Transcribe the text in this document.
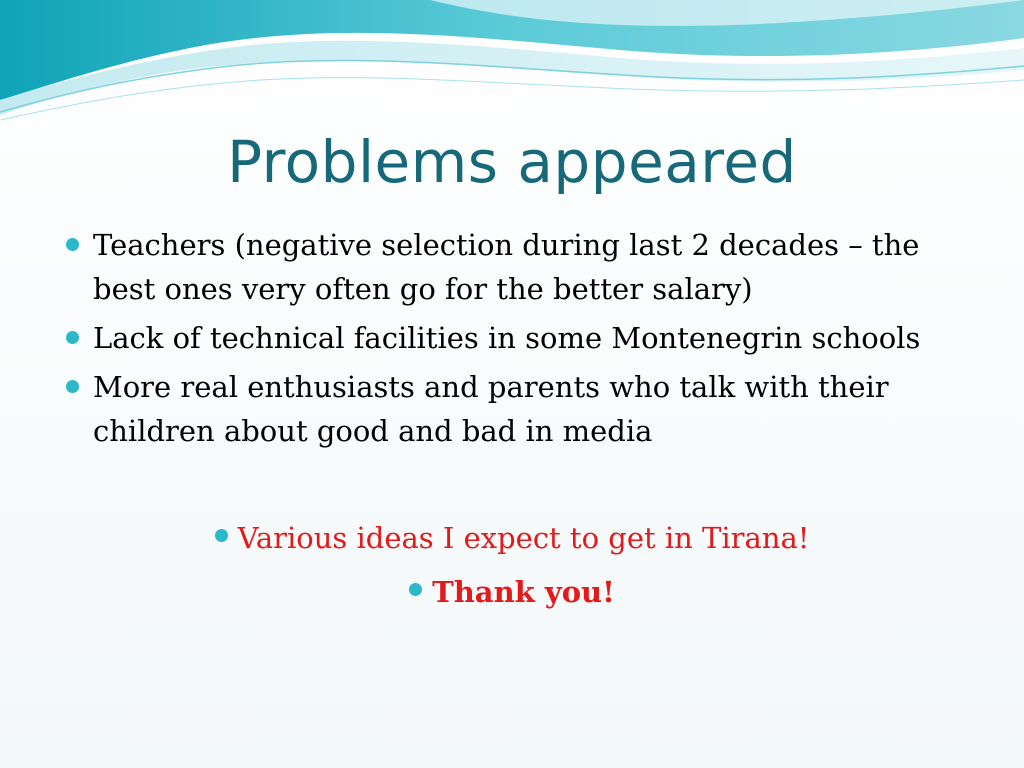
Problems appeared
Teachers (negative selection during last 2 decades – the best ones very often go for the better salary)
Lack of technical facilities in some Montenegrin schools
More real enthusiasts and parents who talk with their children about good and bad in media
Various ideas I expect to get in Tirana!
Thank you!
